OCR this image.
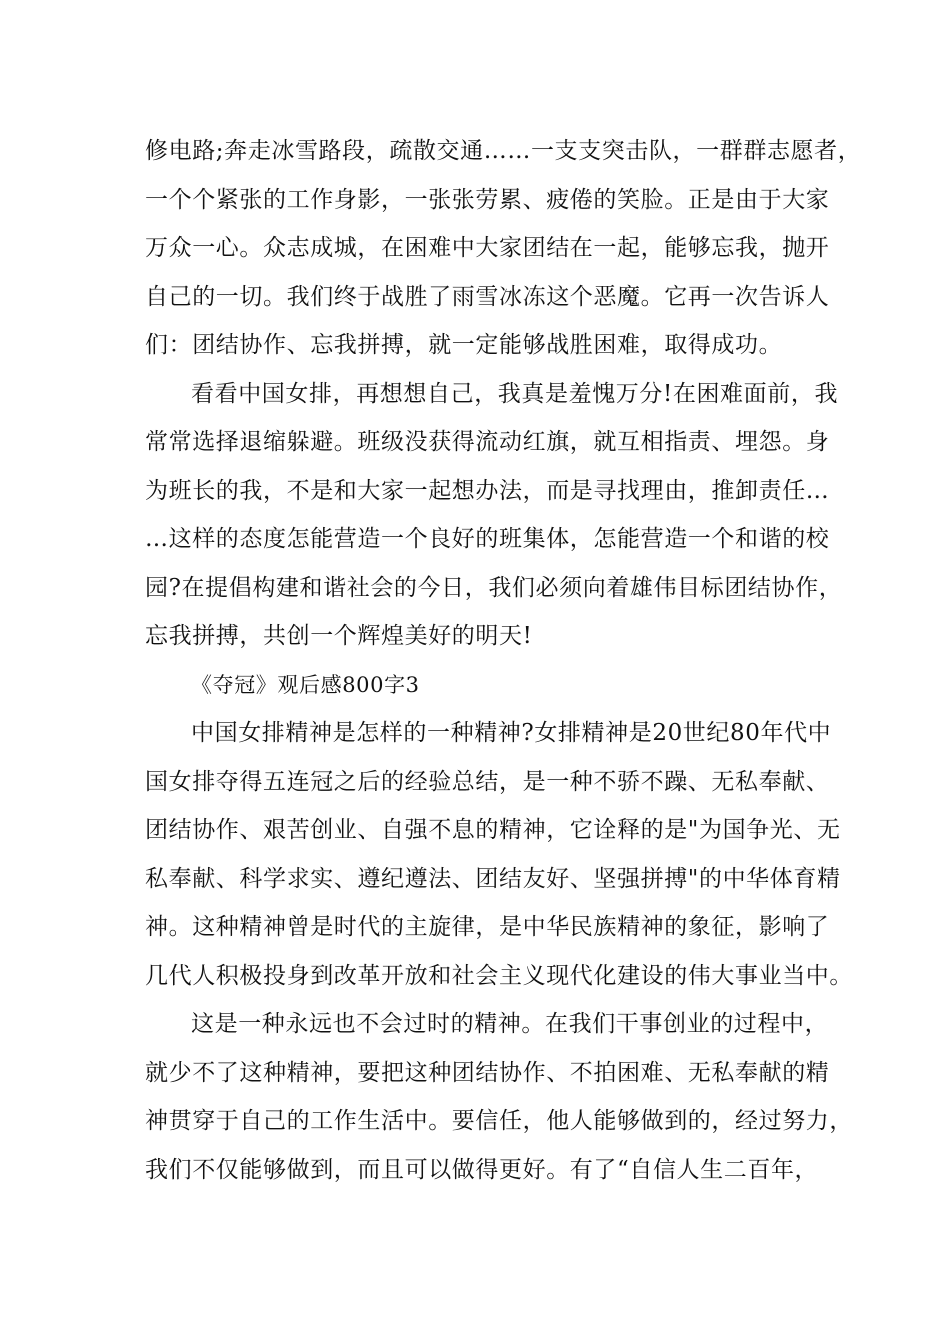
修电路;奔走冰雪路段，疏散交通……一支支突击队，一群群志愿者，
一个个紧张的工作身影，一张张劳累、疲倦的笑脸。正是由于大家
万众一心。众志成城，在困难中大家团结在一起，能够忘我，抛开
自己的一切。我们终于战胜了雨雪冰冻这个恶魔。它再一次告诉人
们：团结协作、忘我拼搏，就一定能够战胜困难，取得成功。
看看中国女排，再想想自己，我真是羞愧万分!在困难面前，我
常常选择退缩躲避。班级没获得流动红旗，就互相指责、埋怨。身
为班长的我，不是和大家一起想办法，而是寻找理由，推卸责任…
…这样的态度怎能营造一个良好的班集体，怎能营造一个和谐的校
园?在提倡构建和谐社会的今日，我们必须向着雄伟目标团结协作，
忘我拼搏，共创一个辉煌美好的明天!
《夺冠》观后感800字3
中国女排精神是怎样的一种精神?女排精神是20世纪80年代中
国女排夺得五连冠之后的经验总结，是一种不骄不躁、无私奉献、
团结协作、艰苦创业、自强不息的精神，它诠释的是"为国争光、无
私奉献、科学求实、遵纪遵法、团结友好、坚强拼搏"的中华体育精
神。这种精神曾是时代的主旋律，是中华民族精神的象征，影响了
几代人积极投身到改革开放和社会主义现代化建设的伟大事业当中。
这是一种永远也不会过时的精神。在我们干事创业的过程中，
就少不了这种精神，要把这种团结协作、不拍困难、无私奉献的精
神贯穿于自己的工作生活中。要信任，他人能够做到的，经过努力，
我们不仅能够做到，而且可以做得更好。有了“自信人生二百年，
